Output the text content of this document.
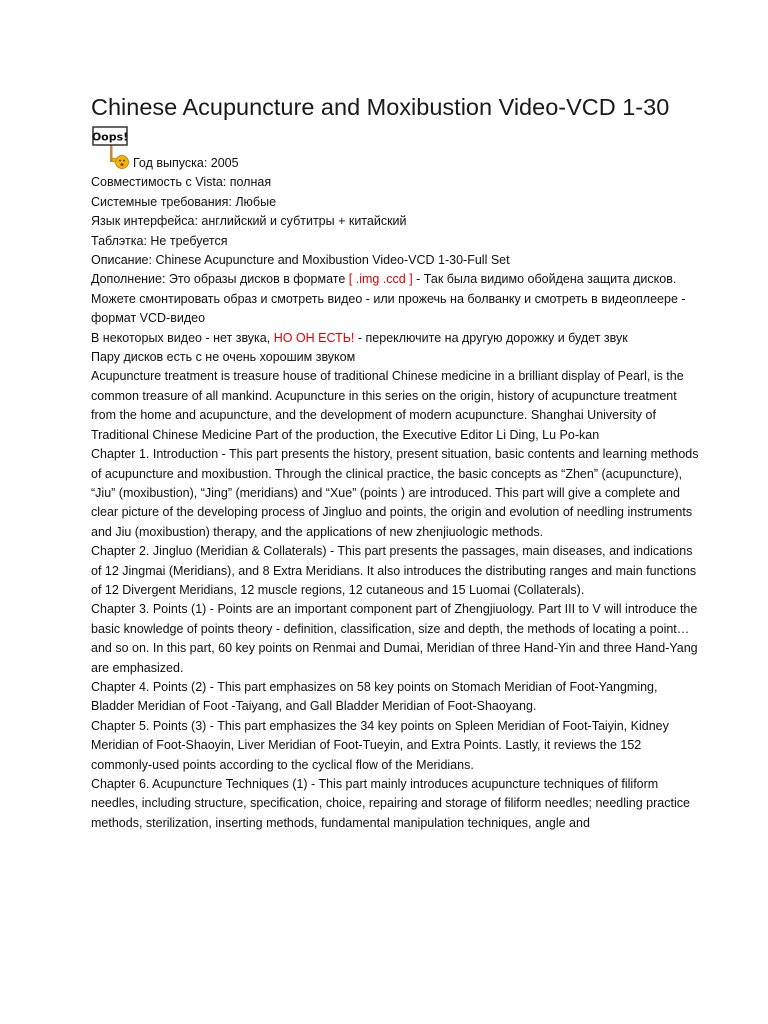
Chinese Acupuncture and Moxibustion Video-VCD 1-30
Oops!

Год выпуска: 2005

Совместимость с Vista: полная

Системные требования: Любые

Язык интерфейса: английский и субтитры + китайский

Таблэтка: Не требуется

Описание: Chinese Acupuncture and Moxibustion Video-VCD 1-30-Full Set

Дополнение: Это образы дисков в формате [ .img .ccd ] - Так была видимо обойдена защита дисков.

Можете смонтировать образ и смотреть видео - или прожечь на болванку и смотреть в видеоплеере - формат VCD-видео

В некоторых видео - нет звука, НО ОН ЕСТЬ! - переключите на другую дорожку и будет звук

Пару дисков есть с не очень хорошим звуком

Acupuncture treatment is treasure house of traditional Chinese medicine in a brilliant display of Pearl, is the common treasure of all mankind. Acupuncture in this series on the origin, history of acupuncture treatment from the home and acupuncture, and the development of modern acupuncture. Shanghai University of Traditional Chinese Medicine Part of the production, the Executive Editor Li Ding, Lu Po-kan

Chapter 1. Introduction - This part presents the history, present situation, basic contents and learning methods of acupuncture and moxibustion. Through the clinical practice, the basic concepts as “Zhen” (acupuncture), “Jiu” (moxibustion), “Jing” (meridians) and “Xue” (points ) are introduced. This part will give a complete and clear picture of the developing process of Jingluo and points, the origin and evolution of needling instruments and Jiu (moxibustion) therapy, and the applications of new zhenjiuologic methods.

Chapter 2. Jingluo (Meridian & Collaterals) - This part presents the passages, main diseases, and indications of 12 Jingmai (Meridians), and 8 Extra Meridians. It also introduces the distributing ranges and main functions of 12 Divergent Meridians, 12 muscle regions, 12 cutaneous and 15 Luomai (Collaterals).

Chapter 3. Points (1) - Points are an important component part of Zhengjiuology. Part III to V will introduce the basic knowledge of points theory - definition, classification, size and depth, the methods of locating a point… and so on. In this part, 60 key points on Renmai and Dumai, Meridian of three Hand-Yin and three Hand-Yang are emphasized.

Chapter 4. Points (2) - This part emphasizes on 58 key points on Stomach Meridian of Foot-Yangming, Bladder Meridian of Foot -Taiyang, and Gall Bladder Meridian of Foot-Shaoyang.

Chapter 5. Points (3) - This part emphasizes the 34 key points on Spleen Meridian of Foot-Taiyin, Kidney Meridian of Foot-Shaoyin, Liver Meridian of Foot-Tueyin, and Extra Points. Lastly, it reviews the 152 commonly-used points according to the cyclical flow of the Meridians.

Chapter 6. Acupuncture Techniques (1) - This part mainly introduces acupuncture techniques of filiform needles, including structure, specification, choice, repairing and storage of filiform needles; needling practice methods, sterilization, inserting methods, fundamental manipulation techniques, angle and
